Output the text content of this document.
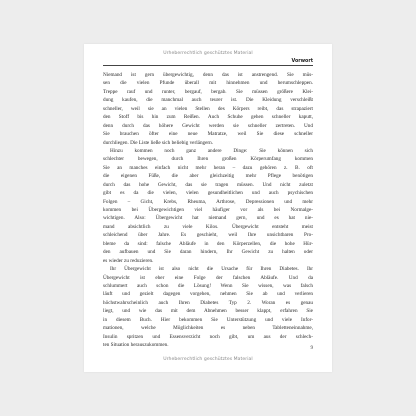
Urheberrechtlich geschütztes Material
Vorwort
Niemand ist gern übergewichtig, denn das ist anstrengend. Sie müs-
sen die vielen Pfunde überall mit hinnehmen und herumschleppen.
Treppe rauf und runter, bergauf, bergab. Sie müssen größere Klei-
dung kaufen, die manchmal auch teurer ist. Die Kleidung verschleißt
schneller, weil sie an vielen Stellen des Körpers reibt, das strapaziert
den Stoff bis hin zum Reißen. Auch Schuhe gehen schneller kaputt,
denn durch das höhere Gewicht werden sie schneller zertreten. Und
Sie brauchen öfter eine neue Matratze, weil Sie diese schneller
durchliegen. Die Liste ließe sich beliebig verlängern.
Hinzu kommen noch ganz andere Dinge: Sie können sich
schlechter bewegen, durch Ihren großen Körperumfang kommen
Sie an manches einfach nicht mehr heran – dazu gehören z. B. oft
die eigenen Füße, die aber gleichzeitig mehr Pflege benötigen
durch das hohe Gewicht, das sie tragen müssen. Und nicht zuletzt
gibt es da die vielen, vielen gesundheitlichen und auch psychischen
Folgen – Gicht, Krebs, Rheuma, Arthrose, Depressionen und mehr
kommen bei Übergewichtigen viel häufiger vor als bei Normalge-
wichtigen. Also: Übergewicht hat niemand gern, und es hat nie-
mand absichtlich zu viele Kilos. Übergewicht entsteht meist
schleichend über Jahre. Es geschieht, weil Ihre unsichtbaren Pro-
bleme da sind: falsche Abläufe in den Körperzellen, die hohe Hür-
den aufbauen und Sie daran hindern, Ihr Gewicht zu halten oder
es wieder zu reduzieren.
Ihr Übergewicht ist also nicht die Ursache für Ihren Diabetes. Ihr
Übergewicht ist eher eine Folge der falschen Abläufe. Und da
schlummert auch schon die Lösung! Wenn Sie wissen, was falsch
läuft und gezielt dagegen vorgehen, nehmen Sie ab und verlieren
höchstwahrscheinlich auch Ihren Diabetes Typ 2. Woran es genau
liegt, und wie das mit dem Abnehmen besser klappt, erfahren Sie
in diesem Buch. Hier bekommen Sie Unterstützung und viele Infor-
mationen, welche Möglichkeiten es neben Tabletteneinnahme,
Insulin spritzen und Essensverzicht noch gibt, um aus der schlech-
ten Situation herauszukommen.
9
Urheberrechtlich geschütztes Material
